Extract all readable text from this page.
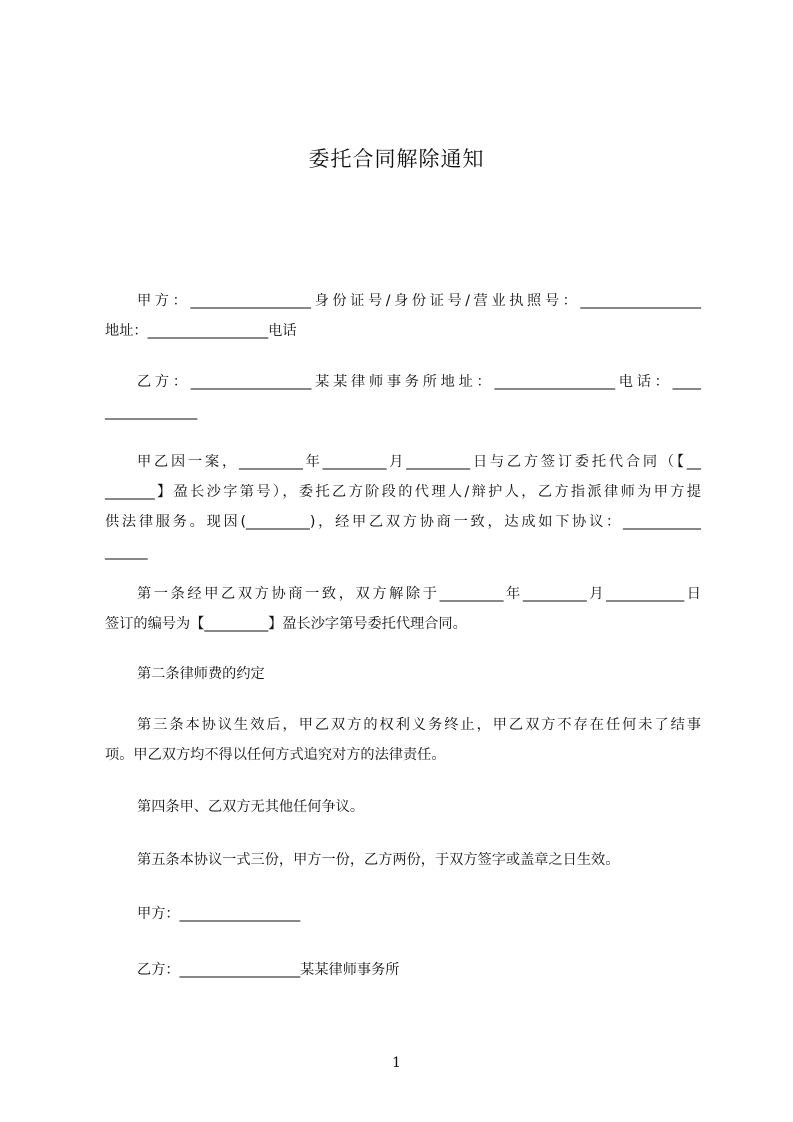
委托合同解除通知
甲方：_________________身份证号/身份证号/营业执照号：_________________
地址：_________________电话
乙方：_________________某某律师事务所地址：_________________电话：____
_____________
甲乙因一案，_________年_________月_________日与乙方签订委托代合同（【__
_______】盈长沙字第号），委托乙方阶段的代理人/辩护人，乙方指派律师为甲方提
供法律服务。现因(_________)，经甲乙双方协商一致，达成如下协议：___________
______
第一条经甲乙双方协商一致，双方解除于_________年_________月___________日
签订的编号为【_________】盈长沙字第号委托代理合同。
第二条律师费的约定
第三条本协议生效后，甲乙双方的权利义务终止，甲乙双方不存在任何未了结事
项。甲乙双方均不得以任何方式追究对方的法律责任。
第四条甲、乙双方无其他任何争议。
第五条本协议一式三份，甲方一份，乙方两份，于双方签字或盖章之日生效。
甲方：_________________
乙方：_________________某某律师事务所
1
